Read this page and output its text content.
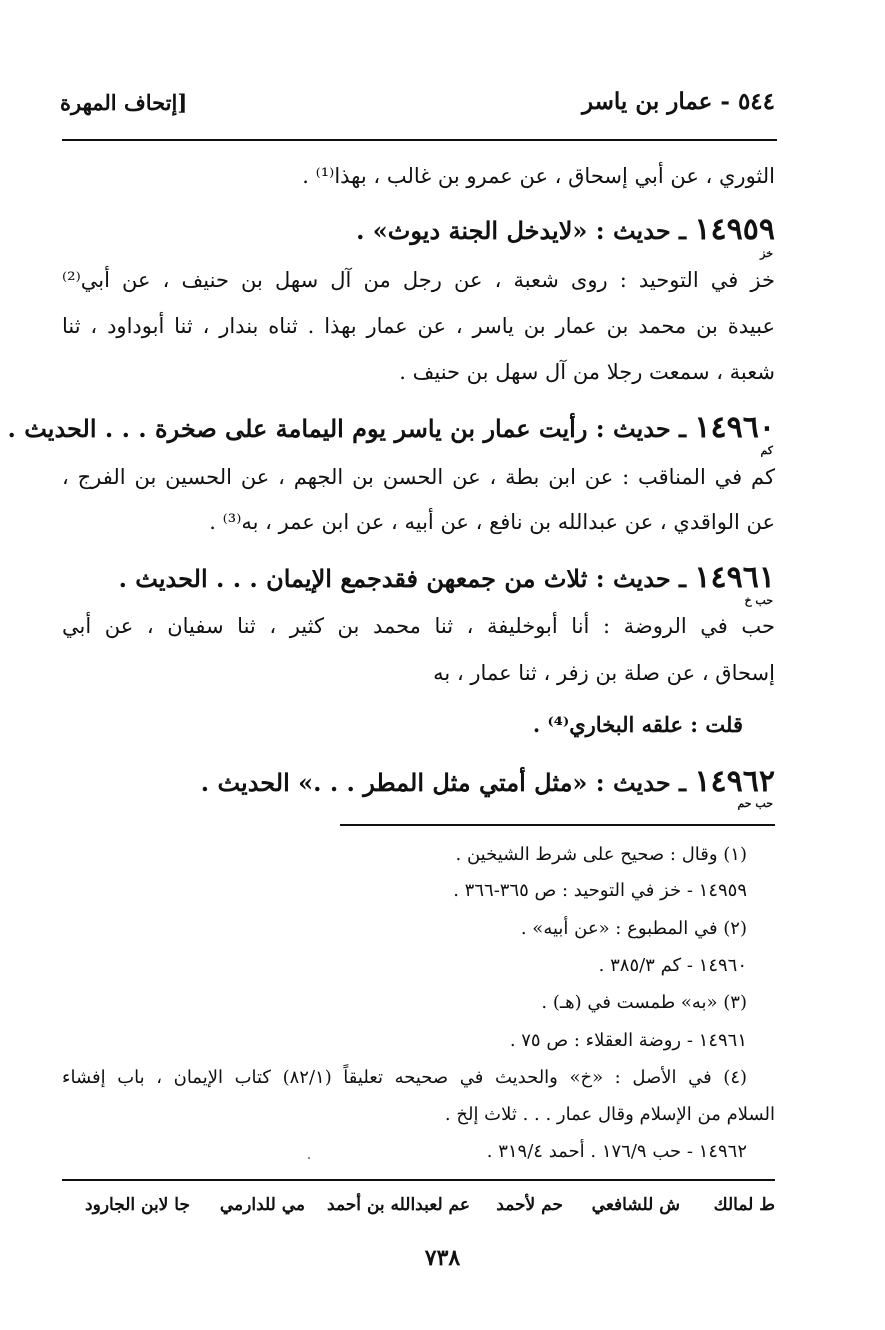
٥٤٤ - عمار بن ياسر
[إتحاف المهرة
الثوري ، عن أبي إسحاق ، عن عمرو بن غالب ، بهذا⁽¹⁾ .
١٤٩٥٩ ـ حديث : «لايدخل الجنة ديوث» .
خز
خز في التوحيد : روى شعبة ، عن رجل من آل سهل بن حنيف ، عن أبي⁽²⁾
عبيدة بن محمد بن عمار بن ياسر ، عن عمار بهذا . ثناه بندار ، ثنا أبوداود ، ثنا
شعبة ، سمعت رجلا من آل سهل بن حنيف .
١٤٩٦٠ ـ حديث : رأيت عمار بن ياسر يوم اليمامة على صخرة . . . الحديث .
كم
كم في المناقب : عن ابن بطة ، عن الحسن بن الجهم ، عن الحسين بن الفرج ،
عن الواقدي ، عن عبدالله بن نافع ، عن أبيه ، عن ابن عمر ، به⁽³⁾ .
١٤٩٦١ ـ حديث : ثلاث من جمعهن فقدجمع الإيمان . . . الحديث .
حب خ
حب في الروضة : أنا أبوخليفة ، ثنا محمد بن كثير ، ثنا سفيان ، عن أبي
إسحاق ، عن صلة بن زفر ، ثنا عمار ، به
قلت : علقه البخاري⁽⁴⁾ .
١٤٩٦٢ ـ حديث : «مثل أمتي مثل المطر . . .» الحديث .
حب حم
(١) وقال : صحيح على شرط الشيخين .
١٤٩٥٩ - خز في التوحيد : ص ٣٦٥-٣٦٦ .
(٢) في المطبوع : «عن أبيه» .
١٤٩٦٠ - كم ٣٨٥/٣ .
(٣) «به» طمست في (هـ) .
١٤٩٦١ - روضة العقلاء : ص ٧٥ .
(٤) في الأصل : «خ» والحديث في صحيحه تعليقاً (٨٢/١) كتاب الإيمان ، باب إفشاء
السلام من الإسلام وقال عمار . . . ثلاث إلخ .
١٤٩٦٢ - حب ١٧٦/٩ . أحمد ٣١٩/٤ .
ط لمالك
ش للشافعي
حم لأحمد
عم لعبدالله بن أحمد
مي للدارمي
جا لابن الجارود
٧٣٨
